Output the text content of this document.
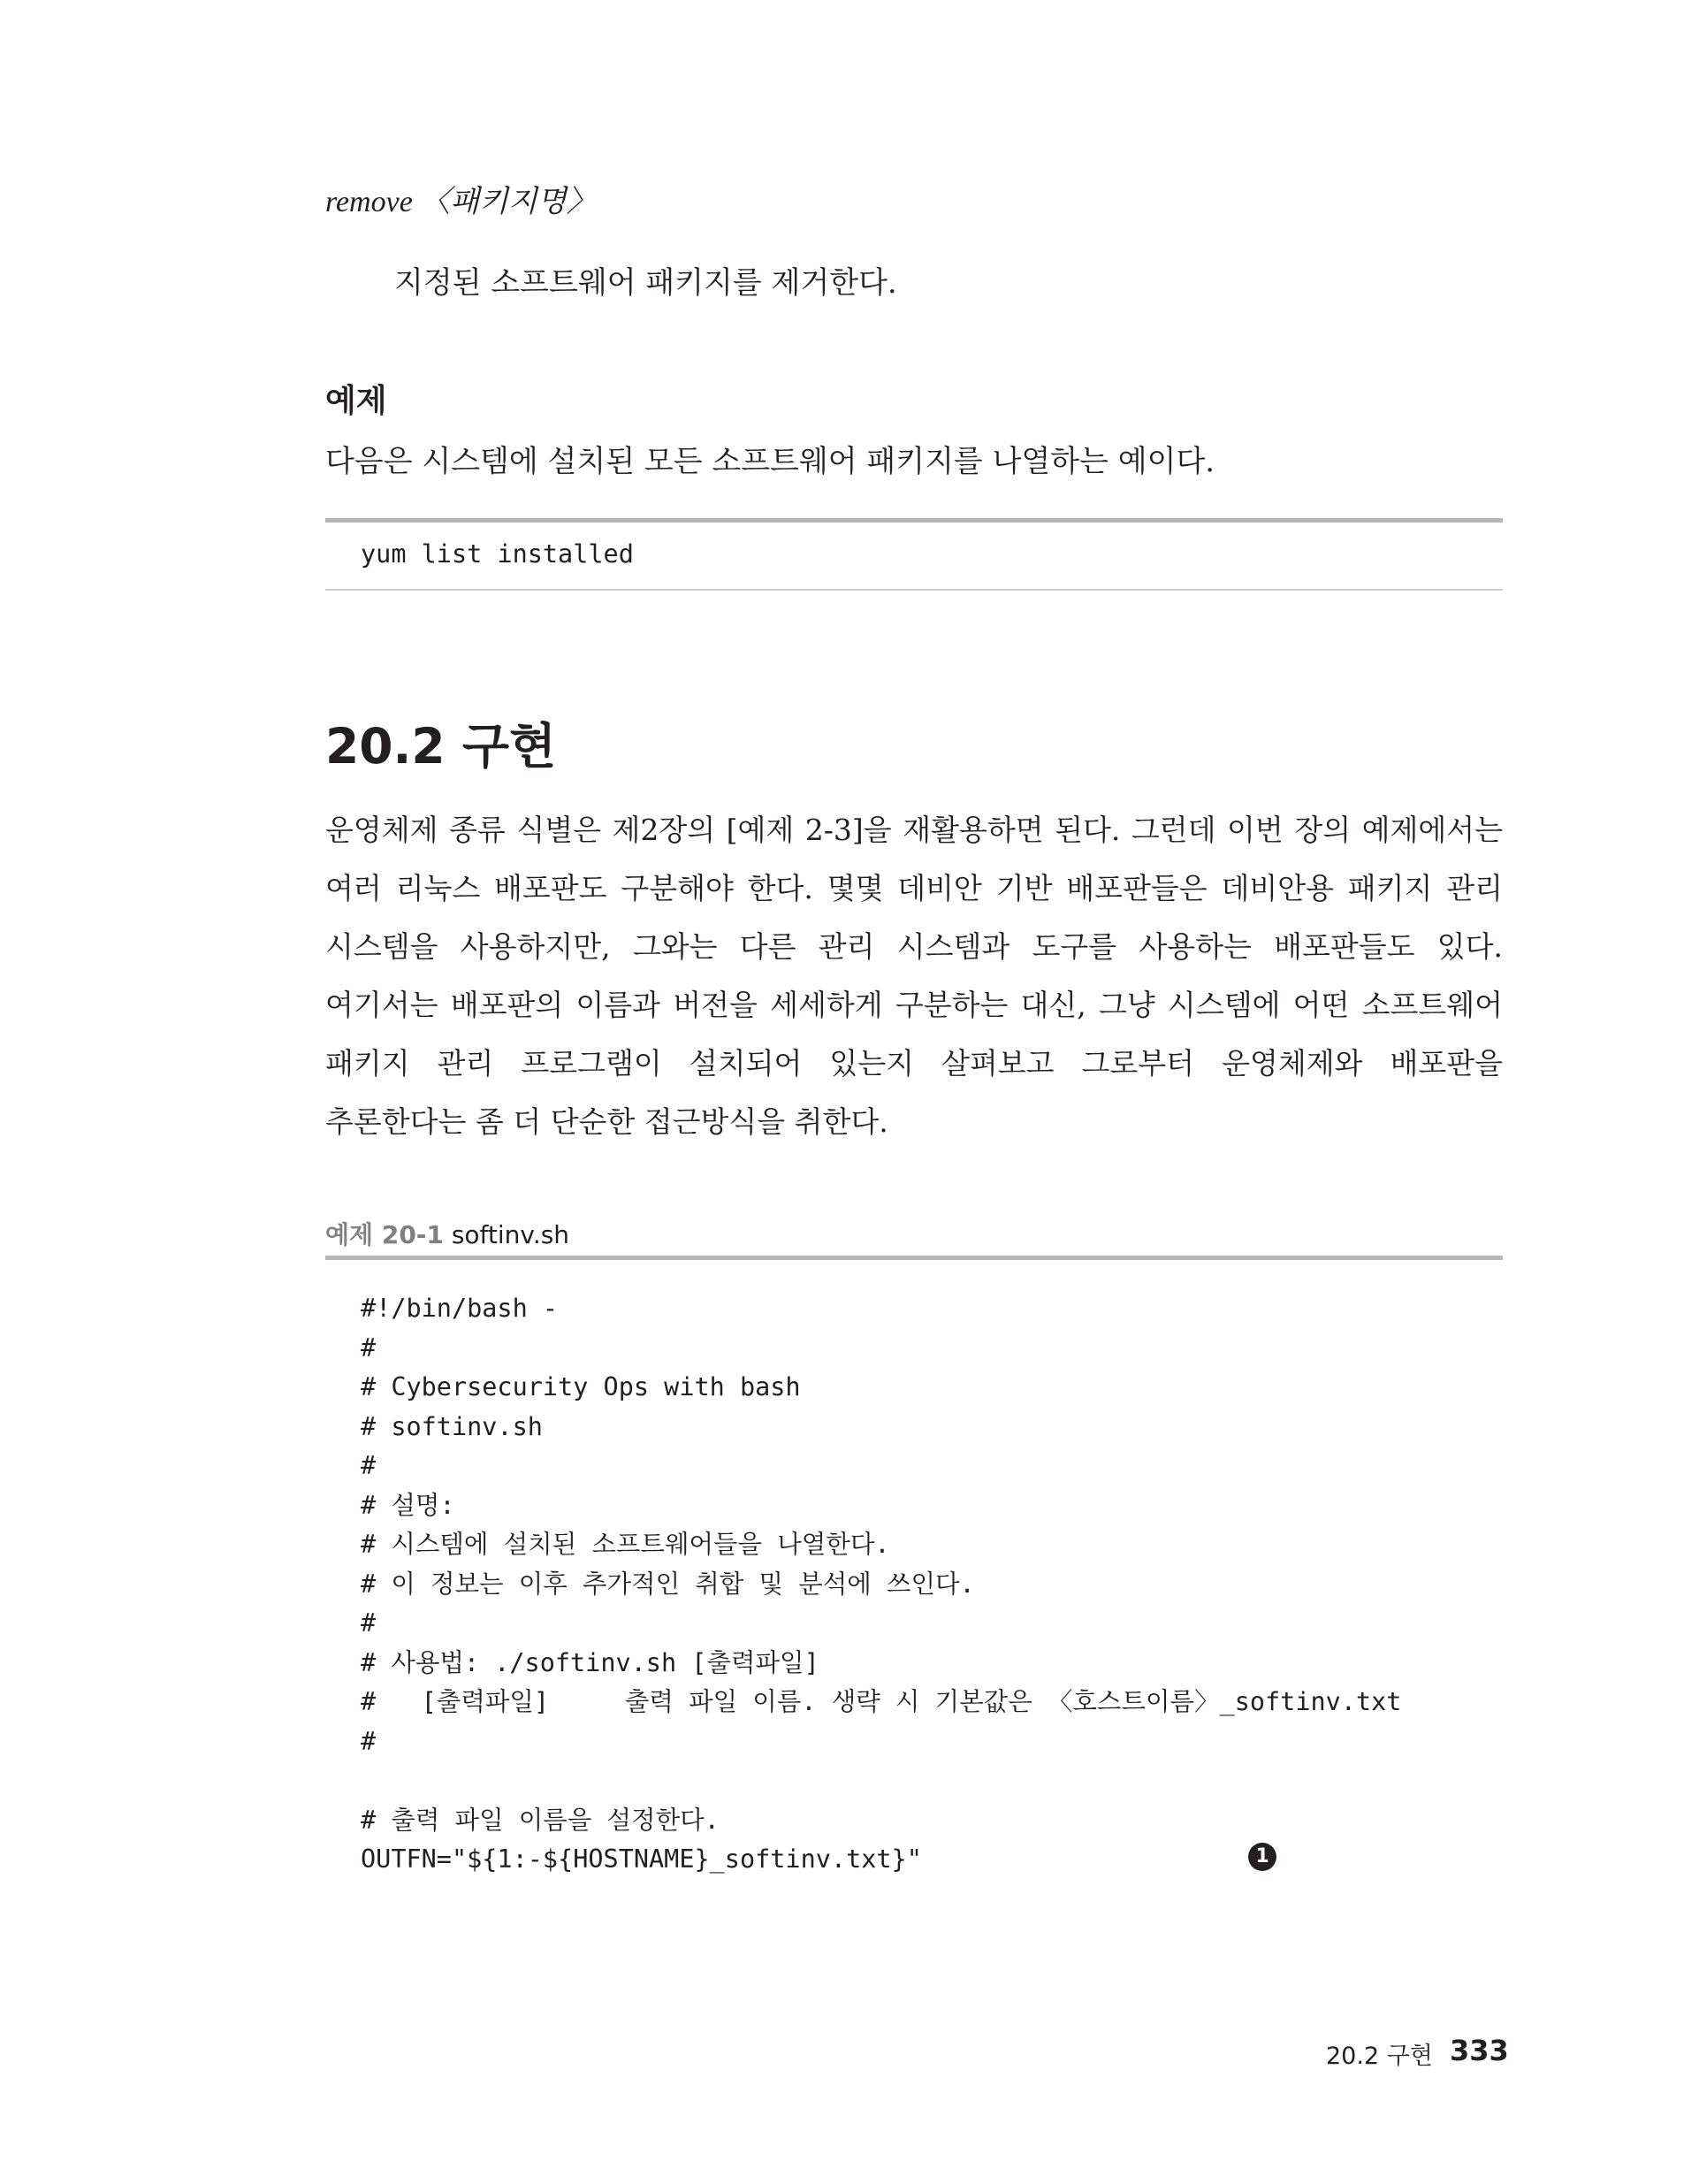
remove 〈패키지명〉
지정된 소프트웨어 패키지를 제거한다.
예제
다음은 시스템에 설치된 모든 소프트웨어 패키지를 나열하는 예이다.
yum list installed
20.2 구현

운영체제 종류 식별은 제2장의 [예제 2-3]을 재활용하면 된다. 그런데 이번 장의 예제에서는 여러 리눅스 배포판도 구분해야 한다. 몇몇 데비안 기반 배포판들은 데비안용 패키지 관리 시스템을 사용하지만, 그와는 다른 관리 시스템과 도구를 사용하는 배포판들도 있다. 여기서는 배포판의 이름과 버전을 세세하게 구분하는 대신, 그냥 시스템에 어떤 소프트웨어 패키지 관리 프로그램이 설치되어 있는지 살펴보고 그로부터 운영체제와 배포판을 추론한다는 좀 더 단순한 접근방식을 취한다.

예제 20-1 softinv.sh
#!/bin/bash -
#
# Cybersecurity Ops with bash
# softinv.sh
#
# 설명:
# 시스템에 설치된 소프트웨어들을 나열한다.
# 이 정보는 이후 추가적인 취합 및 분석에 쓰인다.
#
# 사용법: ./softinv.sh [출력파일]
#   [출력파일]     출력 파일 이름. 생략 시 기본값은 〈호스트이름〉_softinv.txt
#

# 출력 파일 이름을 설정한다.
OUTFN="${1:-${HOSTNAME}_softinv.txt}"	1
20.2 구현 333
